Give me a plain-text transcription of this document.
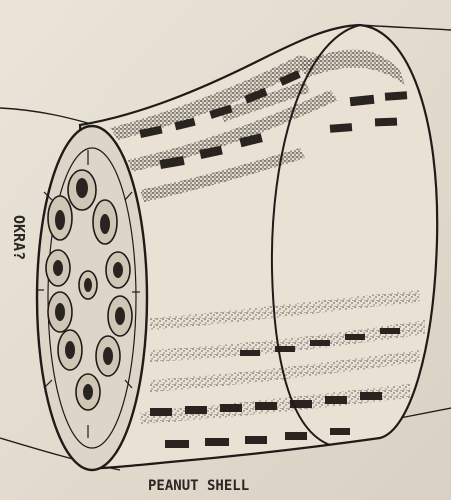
OKRA?
PEANUT SHELL
